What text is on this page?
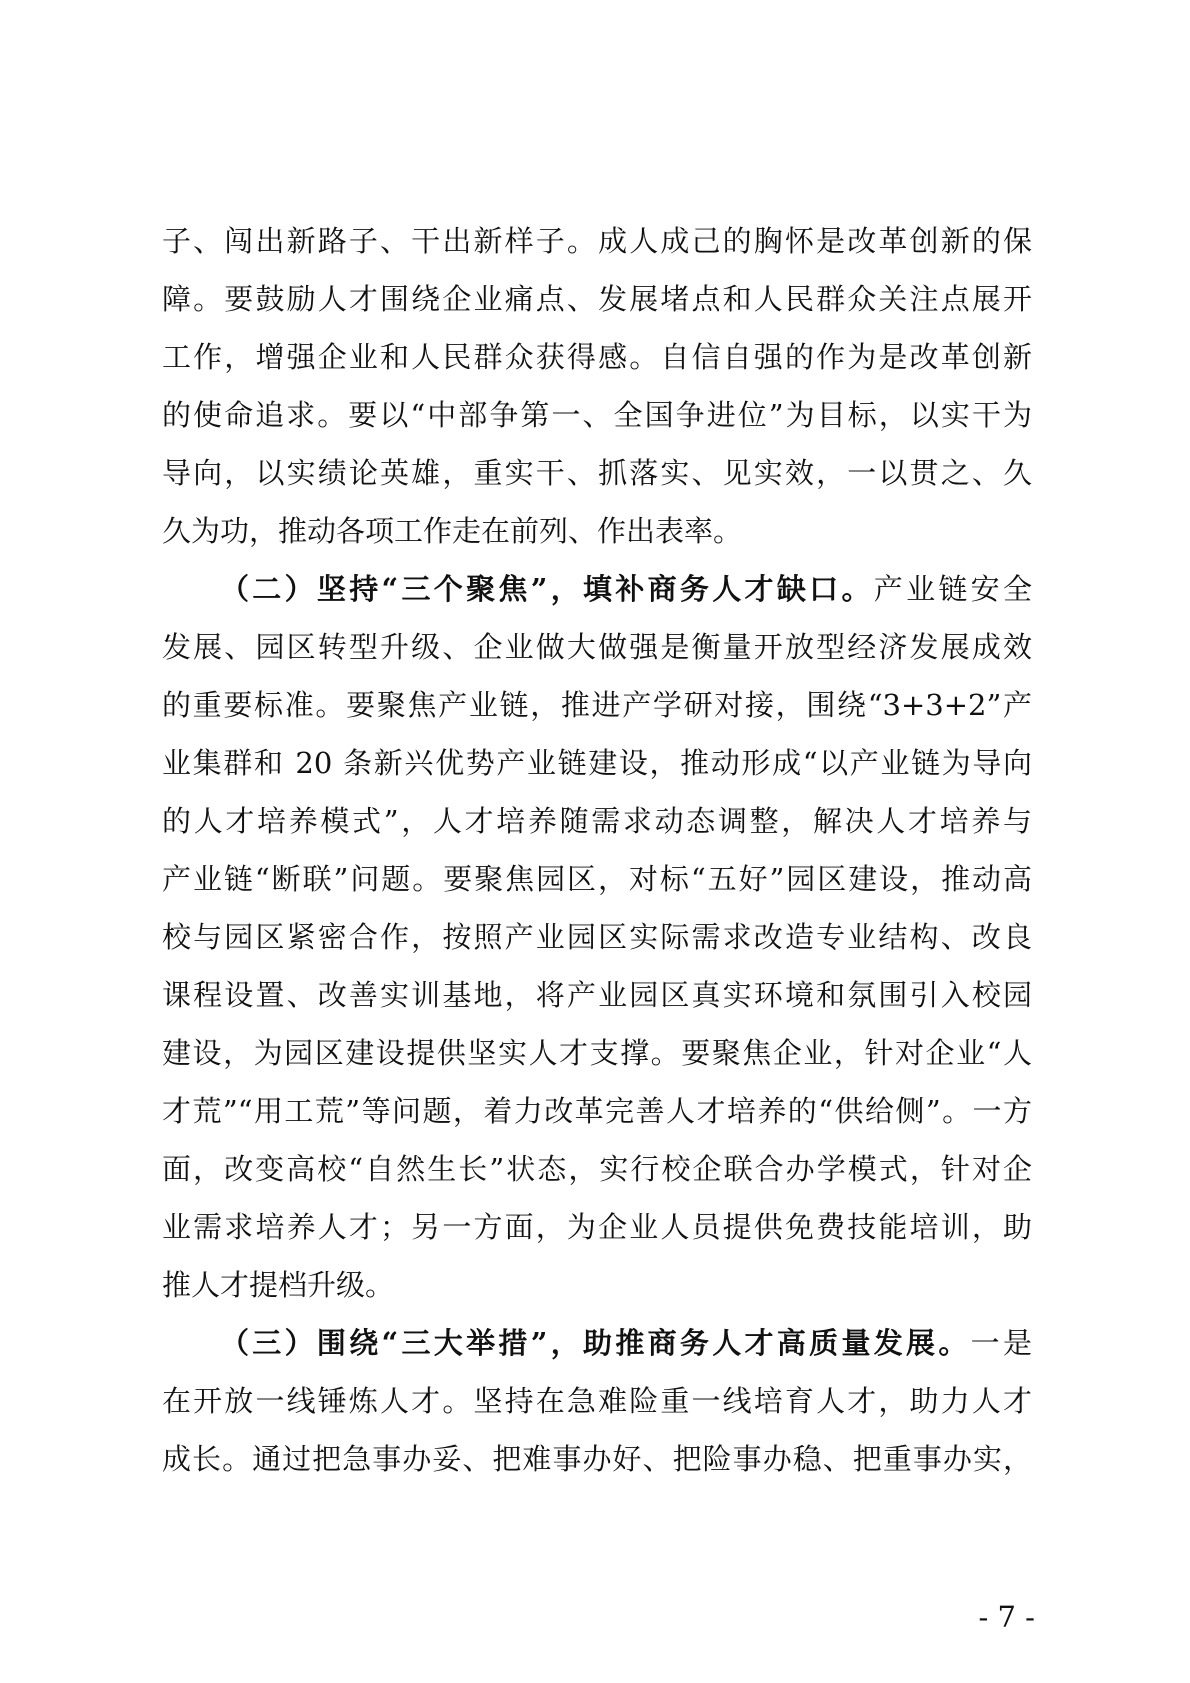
子、闯出新路子、干出新样子。成人成己的胸怀是改革创新的保
障。要鼓励人才围绕企业痛点、发展堵点和人民群众关注点展开
工作，增强企业和人民群众获得感。自信自强的作为是改革创新
的使命追求。要以“中部争第一、全国争进位”为目标，以实干为
导向，以实绩论英雄，重实干、抓落实、见实效，一以贯之、久
久为功，推动各项工作走在前列、作出表率。
（二）坚持“三个聚焦”，填补商务人才缺口。产业链安全
发展、园区转型升级、企业做大做强是衡量开放型经济发展成效
的重要标准。要聚焦产业链，推进产学研对接，围绕“3+3+2”产
业集群和 20 条新兴优势产业链建设，推动形成“以产业链为导向
的人才培养模式”，人才培养随需求动态调整，解决人才培养与
产业链“断联”问题。要聚焦园区，对标“五好”园区建设，推动高
校与园区紧密合作，按照产业园区实际需求改造专业结构、改良
课程设置、改善实训基地，将产业园区真实环境和氛围引入校园
建设，为园区建设提供坚实人才支撑。要聚焦企业，针对企业“人
才荒”“用工荒”等问题，着力改革完善人才培养的“供给侧”。一方
面，改变高校“自然生长”状态，实行校企联合办学模式，针对企
业需求培养人才；另一方面，为企业人员提供免费技能培训，助
推人才提档升级。
（三）围绕“三大举措”，助推商务人才高质量发展。一是
在开放一线锤炼人才。坚持在急难险重一线培育人才，助力人才
成长。通过把急事办妥、把难事办好、把险事办稳、把重事办实，
- 7 -
